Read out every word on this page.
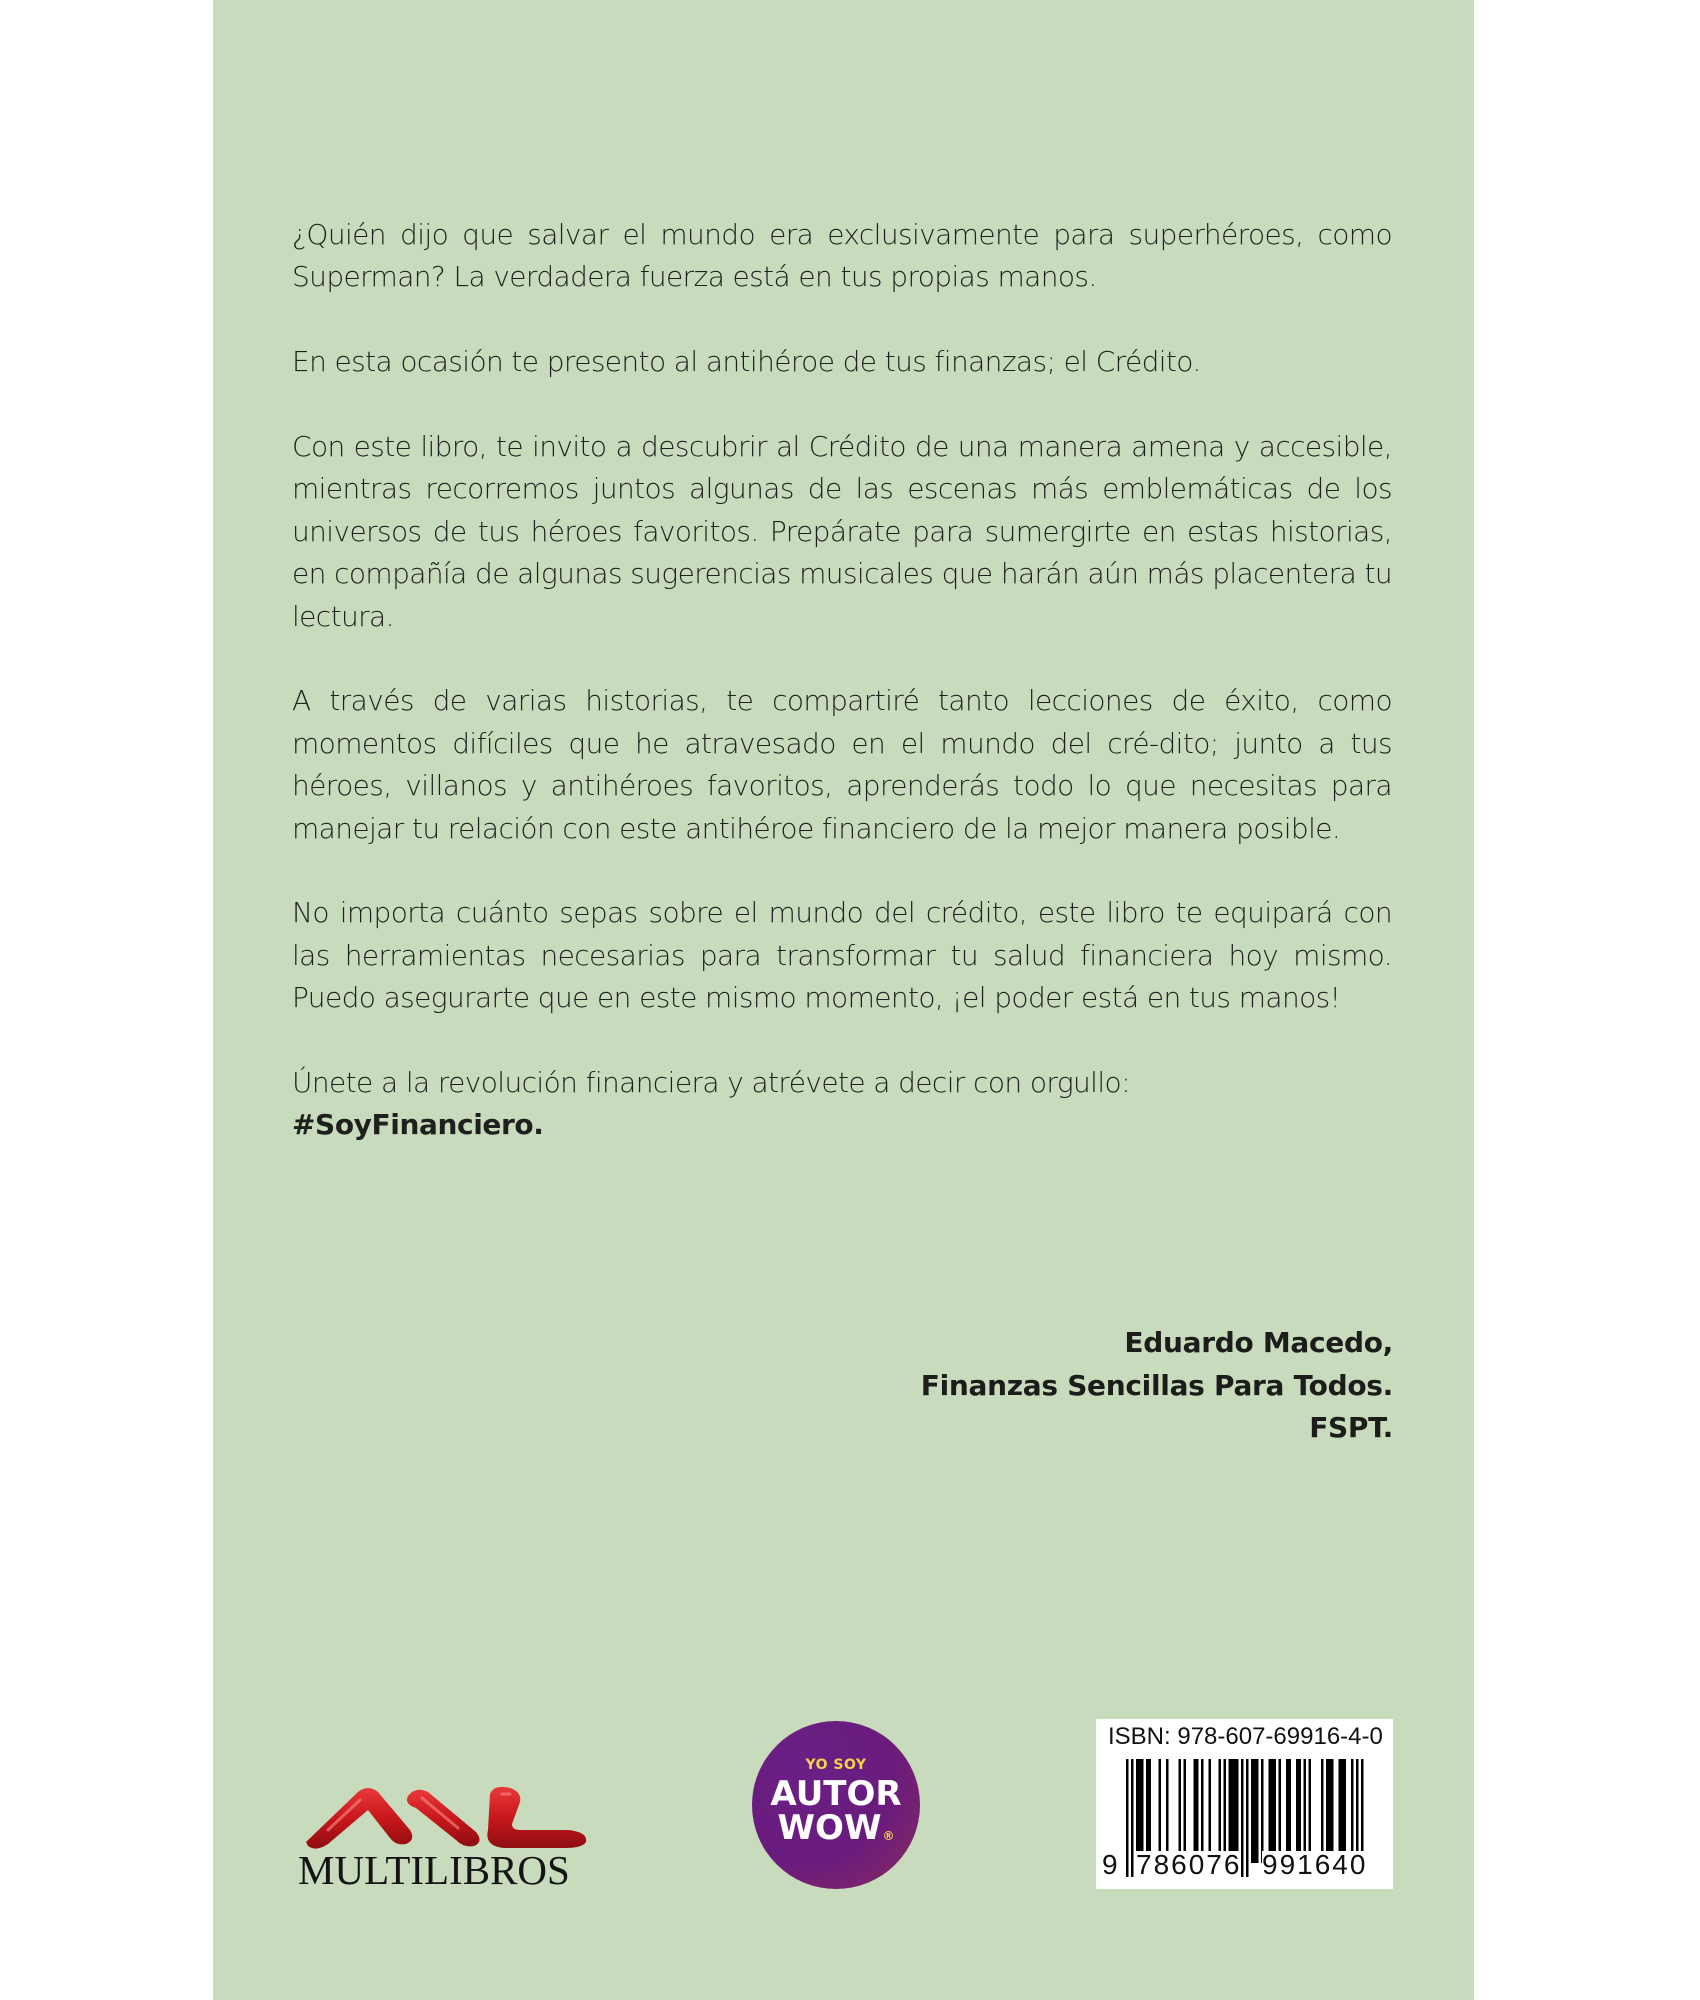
¿Quién dijo que salvar el mundo era exclusivamente para superhéroes, como Superman? La verdadera fuerza está en tus propias manos.

En esta ocasión te presento al antihéroe de tus finanzas; el Crédito.

Con este libro, te invito a descubrir al Crédito de una manera amena y accesible, mientras recorremos juntos algunas de las escenas más emblemáticas de los universos de tus héroes favoritos. Prepárate para sumergirte en estas historias, en compañía de algunas sugerencias musicales que harán aún más placentera tu lectura.

A través de varias historias, te compartiré tanto lecciones de éxito, como momentos difíciles que he atravesado en el mundo del cré-dito; junto a tus héroes, villanos y antihéroes favoritos, aprenderás todo lo que necesitas para manejar tu relación con este antihéroe financiero de la mejor manera posible.

No importa cuánto sepas sobre el mundo del crédito, este libro te equipará con las herramientas necesarias para transformar tu salud financiera hoy mismo. Puedo asegurarte que en este mismo momento, ¡el poder está en tus manos!

Únete a la revolución financiera y atrévete a decir con orgullo:
#SoyFinanciero.

Eduardo Macedo,
Finanzas Sencillas Para Todos.
FSPT.
MULTILIBROS
YO SOY
AUTOR
WOW®
ISBN: 978-607-69916-4-0
9 786076 991640
